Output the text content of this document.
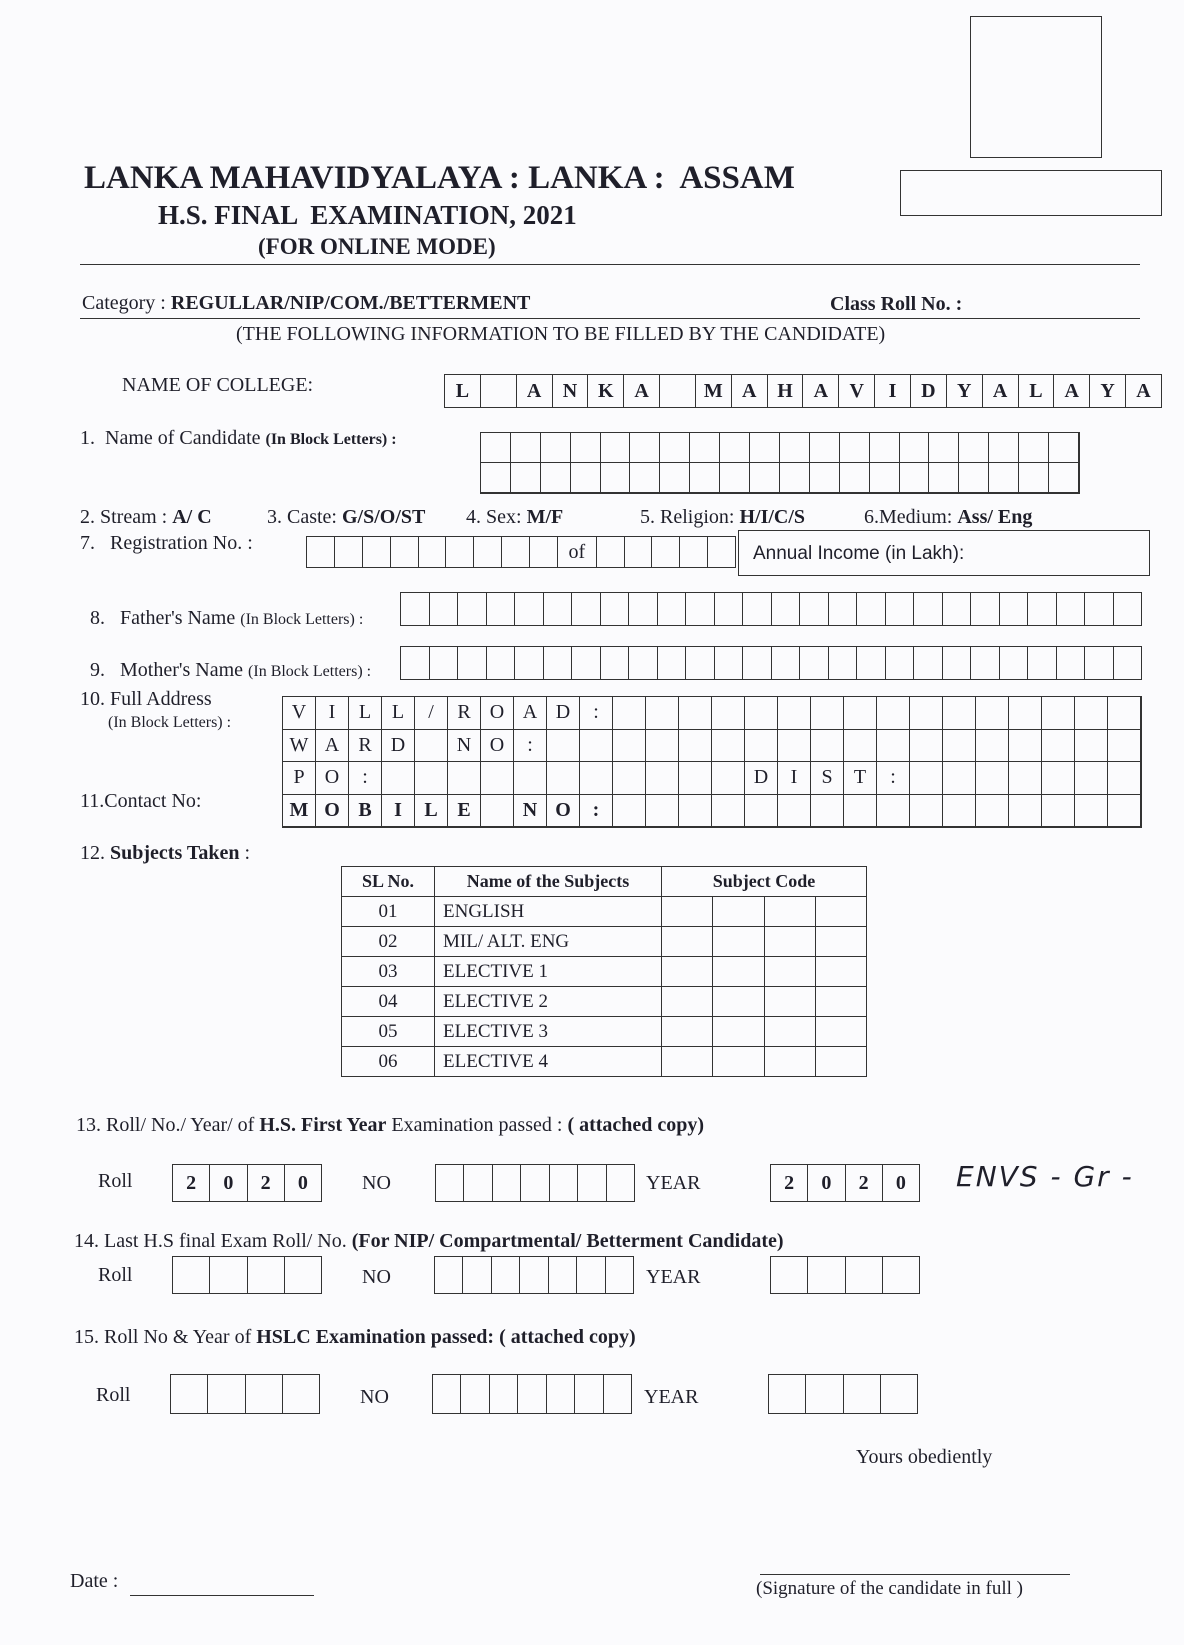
LANKA MAHAVIDYALAYA : LANKA :  ASSAM
H.S. FINAL  EXAMINATION, 2021
(FOR ONLINE MODE)
Category : REGULLAR/NIP/COM./BETTERMENT	Class Roll No. :
(THE FOLLOWING INFORMATION TO BE FILLED BY THE CANDIDATE)
NAME OF COLLEGE:	L	A	N	K	A	M A	H	A	V	I	D	Y	A	L	A	Y	A
1. Name of Candidate (In Block Letters) :
2. Stream : A/ C	3. Caste: G/S/O/ST 4. Sex: M/F	5. Religion: H/I/C/S	6.Medium: Ass/ Eng
7.   Registration No. :	of	Annual Income (in Lakh):

8.   Father's Name (In Block Letters) :

9.   Mother's Name (In Block Letters) :

10. Full Address
(In Block Letters) :
11.Contact No:
V	I	L	L	/	R O A D	:
W A R D	N O	:
P	O	:	D	I	S	T	:
M O B	I	L E	N O	:
12. Subjects Taken :
SL No.	Name of the Subjects	Subject Code			
01	ENGLISH				
02	MIL/ ALT. ENG				
03	ELECTIVE 1				
04	ELECTIVE 2				
05	ELECTIVE 3				
06	ELECTIVE 4				
13. Roll/ No./ Year/ of H.S. First Year Examination passed : ( attached copy)
Roll	2	0	2	0	NO	YEAR	2	0	2	0	ENVS - Gr -
14. Last H.S final Exam Roll/ No. (For NIP/ Compartmental/ Betterment Candidate)
Roll	NO	YEAR
15. Roll No & Year of HSLC Examination passed: ( attached copy)
Roll	NO	YEAR
Yours obediently
Date :	(Signature of the candidate in full )
